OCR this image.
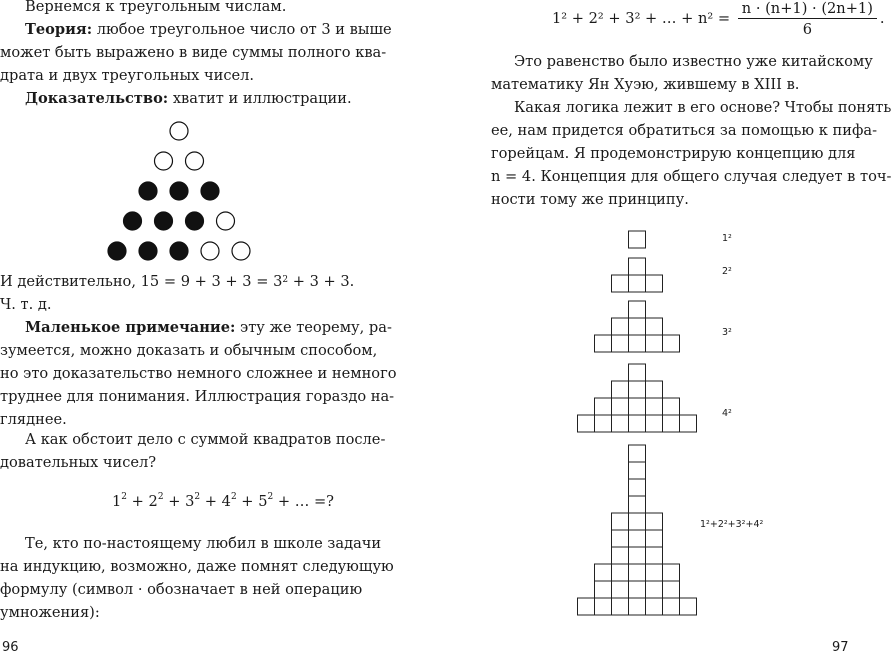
Вернемся к треугольным числам.

Теория: любое треугольное число от 3 и выше

может быть выражено в виде суммы полного ква-

драта и двух треугольных чисел.

Доказательство: хватит и иллюстрации.

И действительно, $15 = 9 + 3 + 3 = 3^2 + 3 + 3$.

Ч. т. д.

Маленькое примечание: эту же теорему, ра-

зумеется, можно доказать и обычным способом,

но это доказательство немного сложнее и немного

труднее для понимания. Иллюстрация гораздо на-

гляднее.

А как обстоит дело с суммой квадратов после-

довательных чисел?

$1^2 + 2^2 + 3^2 + 4^2 + 5^2$ + … =?

Те, кто по-настоящему любил в школе задачи

на индукцию, возможно, даже помнят следующую

формулу (символ · обозначает в ней операцию

умножения):

96
1² + 2² + 3² + … + $n^2 = \frac{n \cdot (n+1) \cdot (2n+1)}{6}$ .

Это равенство было известно уже китайскому

математику Ян Хуэю, жившему в XIII в.

Какая логика лежит в его основе? Чтобы понять

ее, нам придется обратиться за помощью к пифа-

горейцам. Я продемонстрирую концепцию для

n = 4. Концепция для общего случая следует в точ-

ности тому же принципу.

1²
2²
3²
4²
1²+2²+3²+4²
97
